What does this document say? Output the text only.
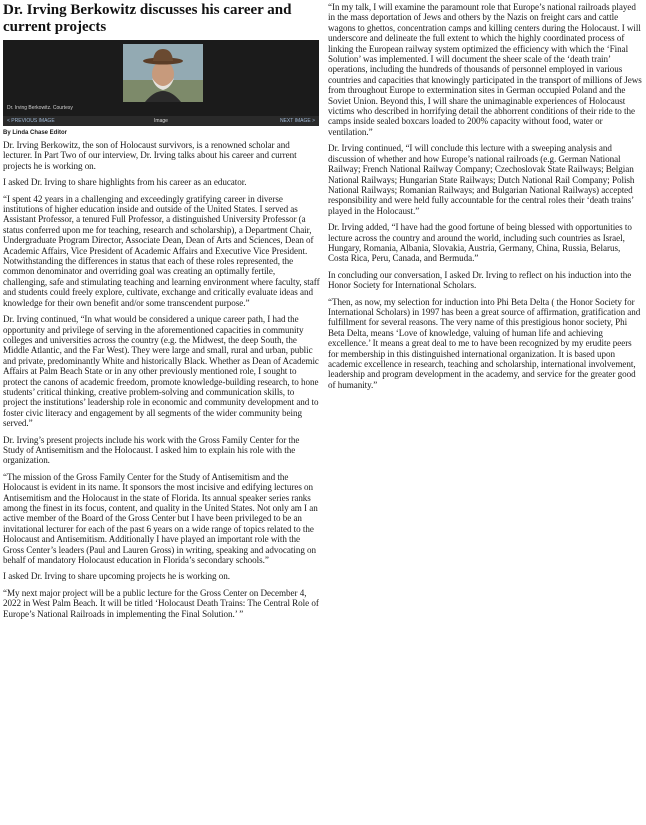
Dr. Irving Berkowitz discusses his career and current projects
Dr. Irving Berkowitz. Courtesy
< PREVIOUS IMAGE	Image	NEXT IMAGE >
By Linda Chase Editor

Dr. Irving Berkowitz, the son of Holocaust survivors, is a renowned scholar and lecturer. In Part Two of our interview, Dr. Irving talks about his career and current projects he is working on.

I asked Dr. Irving to share highlights from his career as an educator.

“I spent 42 years in a challenging and exceedingly gratifying career in diverse institutions of higher education inside and outside of the United States. I served as Assistant Professor, a tenured Full Professor, a distinguished University Professor (a status conferred upon me for teaching, research and scholarship), a Department Chair, Undergraduate Program Director, Associate Dean, Dean of Arts and Sciences, Dean of Academic Affairs, Vice President of Academic Affairs and Executive Vice President. Notwithstanding the differences in status that each of these roles represented, the common denominator and overriding goal was creating an optimally fertile, challenging, safe and stimulating teaching and learning environment where faculty, staff and students could freely explore, cultivate, exchange and critically evaluate ideas and knowledge for their own benefit and/or some transcendent purpose.”

Dr. Irving continued, “In what would be considered a unique career path, I had the opportunity and privilege of serving in the aforementioned capacities in community colleges and universities across the country (e.g. the Midwest, the deep South, the Middle Atlantic, and the Far West). They were large and small, rural and urban, public and private, predominantly White and historically Black. Whether as Dean of Academic Affairs at Palm Beach State or in any other previously mentioned role, I sought to protect the canons of academic freedom, promote knowledge-building research, to hone students’ critical thinking, creative problem-solving and communication skills, to project the institutions’ leadership role in economic and community development and to foster civic literacy and engagement by all segments of the wider community being served.”

Dr. Irving’s present projects include his work with the Gross Family Center for the Study of Antisemitism and the Holocaust. I asked him to explain his role with the organization.

“The mission of the Gross Family Center for the Study of Antisemitism and the Holocaust is evident in its name. It sponsors the most incisive and edifying lectures on Antisemitism and the Holocaust in the state of Florida. Its annual speaker series ranks among the finest in its focus, content, and quality in the United States. Not only am I an active member of the Board of the Gross Center but I have been privileged to be an invitational lecturer for each of the past 6 years on a wide range of topics related to the Holocaust and Antisemitism. Additionally I have played an important role with the Gross Center’s leaders (Paul and Lauren Gross) in writing, speaking and advocating on behalf of mandatory Holocaust education in Florida’s secondary schools.”

I asked Dr. Irving to share upcoming projects he is working on.

“My next major project will be a public lecture for the Gross Center on December 4, 2022 in West Palm Beach. It will be titled ‘Holocaust Death Trains: The Central Role of Europe’s National Railroads in implementing the Final Solution.’ ”

“In my talk, I will examine the paramount role that Europe’s national railroads played in the mass deportation of Jews and others by the Nazis on freight cars and cattle wagons to ghettos, concentration camps and killing centers during the Holocaust. I will underscore and delineate the full extent to which the highly coordinated process of linking the European railway system optimized the efficiency with which the ‘Final Solution’ was implemented. I will document the sheer scale of the ‘death train’ operations, including the hundreds of thousands of personnel employed in various countries and capacities that knowingly participated in the transport of millions of Jews from throughout Europe to extermination sites in German occupied Poland and the Soviet Union. Beyond this, I will share the unimaginable experiences of Holocaust victims who described in horrifying detail the abhorrent conditions of their ride to the camps inside sealed boxcars loaded to 200% capacity without food, water or ventilation.”

Dr. Irving continued, “I will conclude this lecture with a sweeping analysis and discussion of whether and how Europe’s national railroads (e.g. German National Railway; French National Railway Company; Czechoslovak State Railways; Belgian National Railways; Hungarian State Railways; Dutch National Rail Company; Polish National Railways; Romanian Railways; and Bulgarian National Railways) accepted responsibility and were held fully accountable for the central roles their ‘death trains’ played in the Holocaust.”

Dr. Irving added, “I have had the good fortune of being blessed with opportunities to lecture across the country and around the world, including such countries as Israel, Hungary, Romania, Albania, Slovakia, Austria, Germany, China, Russia, Belarus, Costa Rica, Peru, Canada, and Bermuda.”

In concluding our conversation, I asked Dr. Irving to reflect on his induction into the Honor Society for International Scholars.

“Then, as now, my selection for induction into Phi Beta Delta ( the Honor Society for International Scholars) in 1997 has been a great source of affirmation, gratification and fulfillment for several reasons. The very name of this prestigious honor society, Phi Beta Delta, means ‘Love of knowledge, valuing of human life and achieving excellence.’ It means a great deal to me to have been recognized by my erudite peers for membership in this distinguished international organization. It is based upon academic excellence in research, teaching and scholarship, international involvement, leadership and program development in the academy, and service for the greater good of humanity.”
